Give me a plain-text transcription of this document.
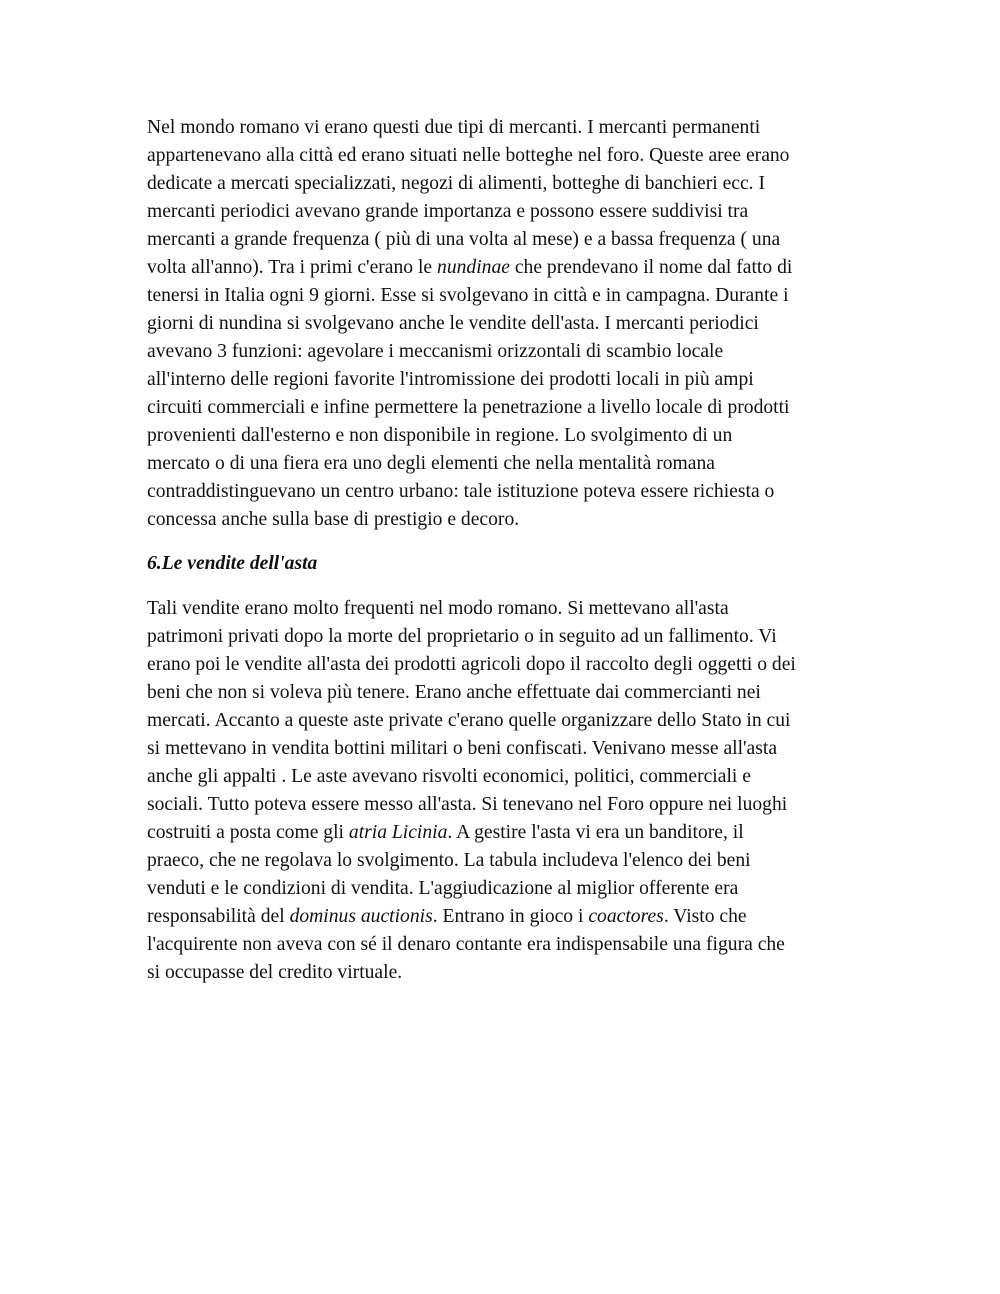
Nel mondo romano vi erano questi due tipi di mercanti. I mercanti permanenti
appartenevano alla città ed erano situati nelle botteghe nel foro. Queste aree erano
dedicate a mercati specializzati, negozi di alimenti, botteghe di banchieri ecc. I
mercanti periodici avevano grande importanza e possono essere suddivisi tra
mercanti a grande frequenza ( più di una volta al mese) e a bassa frequenza ( una
volta all'anno). Tra i primi c'erano le nundinae che prendevano il nome dal fatto di
tenersi in Italia ogni 9 giorni. Esse si svolgevano in città e in campagna. Durante i
giorni di nundina si svolgevano anche le vendite dell'asta. I mercanti periodici
avevano 3 funzioni: agevolare i meccanismi orizzontali di scambio locale
all'interno delle regioni favorite l'intromissione dei prodotti locali in più ampi
circuiti commerciali e infine permettere la penetrazione a livello locale di prodotti
provenienti dall'esterno e non disponibile in regione. Lo svolgimento di un
mercato o di una fiera era uno degli elementi che nella mentalità romana
contraddistinguevano un centro urbano: tale istituzione poteva essere richiesta o
concessa anche sulla base di prestigio e decoro.

6.Le vendite dell'asta

Tali vendite erano molto frequenti nel modo romano. Si mettevano all'asta
patrimoni privati dopo la morte del proprietario o in seguito ad un fallimento. Vi
erano poi le vendite all'asta dei prodotti agricoli dopo il raccolto degli oggetti o dei
beni che non si voleva più tenere. Erano anche effettuate dai commercianti nei
mercati. Accanto a queste aste private c'erano quelle organizzare dello Stato in cui
si mettevano in vendita bottini militari o beni confiscati. Venivano messe all'asta
anche gli appalti . Le aste avevano risvolti economici, politici, commerciali e
sociali. Tutto poteva essere messo all'asta. Si tenevano nel Foro oppure nei luoghi
costruiti a posta come gli atria Licinia. A gestire l'asta vi era un banditore, il
praeco, che ne regolava lo svolgimento. La tabula includeva l'elenco dei beni
venduti e le condizioni di vendita. L'aggiudicazione al miglior offerente era
responsabilità del dominus auctionis. Entrano in gioco i coactores. Visto che
l'acquirente non aveva con sé il denaro contante era indispensabile una figura che
si occupasse del credito virtuale.
